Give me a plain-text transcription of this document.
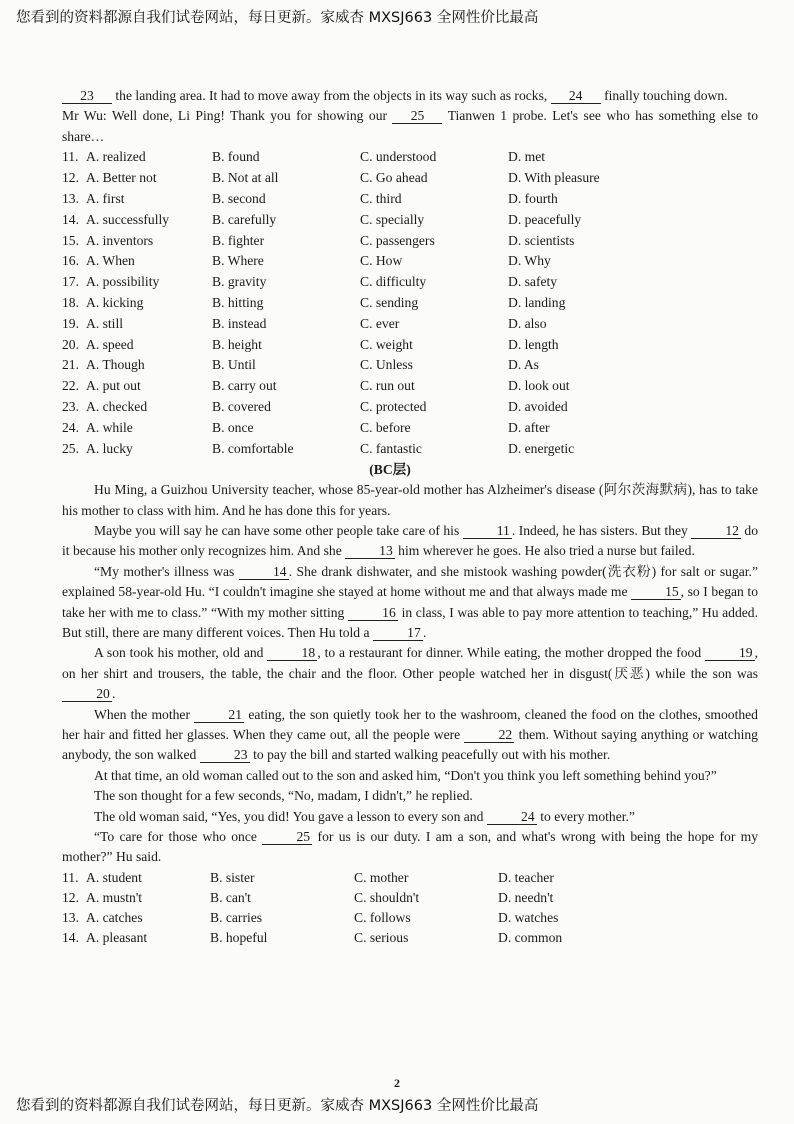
您看到的资料都源自我们试卷网站，每日更新。家威杏 MXSJ663 全网性价比最高

23 the landing area. It had to move away from the objects in its way such as rocks, 24 finally touching down.

Mr Wu: Well done, Li Ping! Thank you for showing our 25 Tianwen 1 probe. Let's see who has something else to share…

11. A. realized	B. found	C. understood	D. met
12. A. Better not	B. Not at all	C. Go ahead	D. With pleasure
13. A. first	B. second	C. third	D. fourth
14. A. successfully	B. carefully	C. specially	D. peacefully
15. A. inventors	B. fighter	C. passengers	D. scientists
16. A. When	B. Where	C. How	D. Why
17. A. possibility	B. gravity	C. difficulty	D. safety
18. A. kicking	B. hitting	C. sending	D. landing
19. A. still	B. instead	C. ever	D. also
20. A. speed	B. height	C. weight	D. length
21. A. Though	B. Until	C. Unless	D. As
22. A. put out	B. carry out	C. run out	D. look out
23. A. checked	B. covered	C. protected	D. avoided
24. A. while	B. once	C. before	D. after
25. A. lucky	B. comfortable	C. fantastic	D. energetic
(BC层)

Hu Ming, a Guizhou University teacher, whose 85-year-old mother has Alzheimer's disease (阿尔茨海默病), has to take his mother to class with him. And he has done this for years.

Maybe you will say he can have some other people take care of his	11 . Indeed, he has sisters. But they	12 do it because his mother only recognizes him. And she	13 him wherever he goes. He also tried a nurse but failed.

“My mother's illness was	14 . She drank dishwater, and she mistook washing powder(洗衣粉) for salt or sugar.” explained 58-year-old Hu. “I couldn't imagine she stayed at home without me and that always made me	15 , so I began to take her with me to class.” “With my mother sitting	16 in class, I was able to pay more attention to teaching,” Hu added. But still, there are many different voices. Then Hu told a	17 .

A son took his mother, old and	18 , to a restaurant for dinner. While eating, the mother dropped the food	19 , on her shirt and trousers, the table, the chair and the floor. Other people watched her in disgust(厌恶) while the son was 20 .

When the mother	21 eating, the son quietly took her to the washroom, cleaned the food on the clothes, smoothed her hair and fitted her glasses. When they came out, all the people were	22 them. Without saying anything or watching anybody, the son walked	23 to pay the bill and started walking peacefully out with his mother.

At that time, an old woman called out to the son and asked him, “Don't you think you left something behind you?”

The son thought for a few seconds, “No, madam, I didn't,” he replied.

The old woman said, “Yes, you did! You gave a lesson to every son and	24 to every mother.”

“To care for those who once	25 for us is our duty. I am a son, and what's wrong with being the hope for my mother?” Hu said.

11. A. student	B. sister	C. mother	D. teacher
12. A. mustn't	B. can't	C. shouldn't	D. needn't
13. A. catches	B. carries	C. follows	D. watches
14. A. pleasant	B. hopeful	C. serious	D. common
2
您看到的资料都源自我们试卷网站，每日更新。家威杏 MXSJ663 全网性价比最高
